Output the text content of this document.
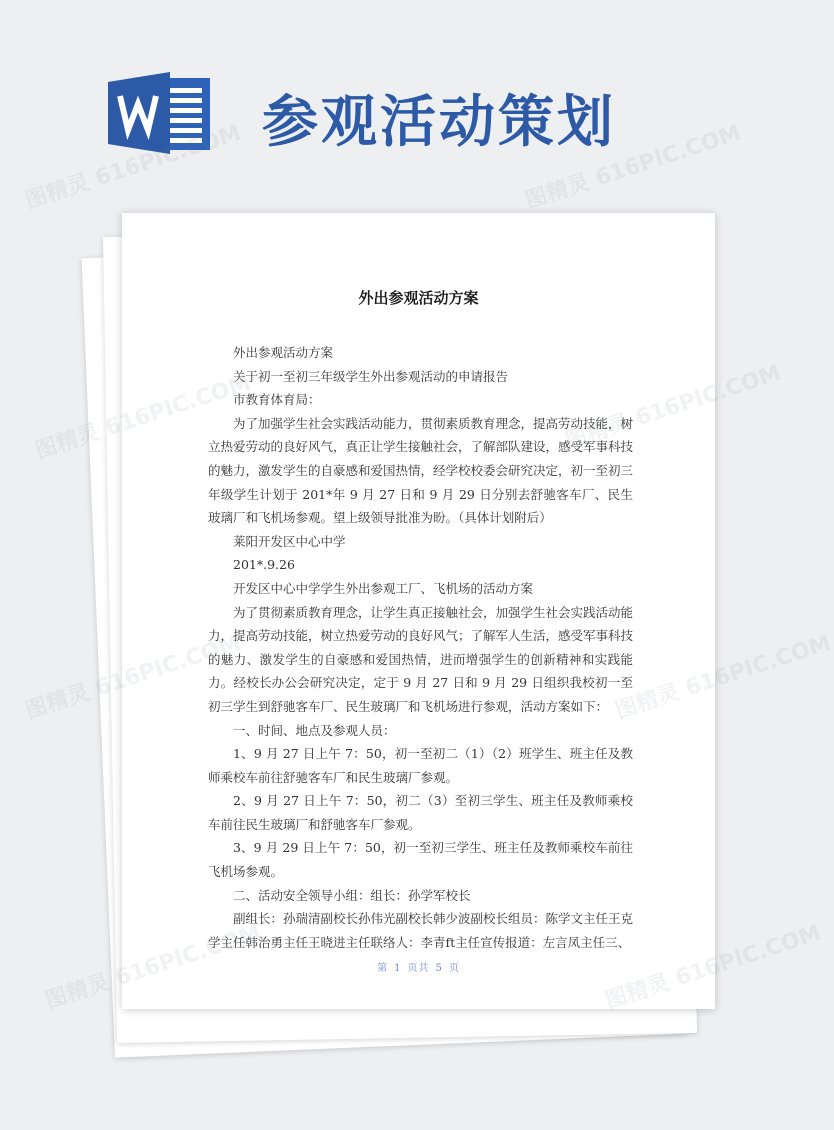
图精灵 616PIC.COM	图精灵 616PIC.COM
图精灵
图精灵 616PIC.COM
图精灵
图精灵
616PIC.COM
参观活动策划
外出参观活动方案

外出参观活动方案

关于初一至初三年级学生外出参观活动的申请报告

市教育体育局：

为了加强学生社会实践活动能力，贯彻素质教育理念，提高劳动技能，树立热爱劳动的良好风气，真正让学生接触社会，了解部队建设，感受军事科技的魅力，激发学生的自豪感和爱国热情，经学校校委会研究决定，初一至初三年级学生计划于 201*年 9 月 27 日和 9 月 29 日分别去舒驰客车厂、民生玻璃厂和飞机场参观。望上级领导批准为盼。（具体计划附后）

莱阳开发区中心中学

201*.9.26

开发区中心中学学生外出参观工厂、飞机场的活动方案

为了贯彻素质教育理念，让学生真正接触社会，加强学生社会实践活动能力，提高劳动技能，树立热爱劳动的良好风气；了解军人生活，感受军事科技的魅力、激发学生的自豪感和爱国热情，进而增强学生的创新精神和实践能力。经校长办公会研究决定，定于 9 月 27 日和 9 月 29 日组织我校初一至初三学生到舒驰客车厂、民生玻璃厂和飞机场进行参观，活动方案如下：

一、时间、地点及参观人员：

1、9 月 27 日上午 7：50，初一至初二（1）（2）班学生、班主任及教师乘校车前往舒驰客车厂和民生玻璃厂参观。

2、9 月 27 日上午 7：50，初二（3）至初三学生、班主任及教师乘校车前往民生玻璃厂和舒驰客车厂参观。

3、9 月 29 日上午 7：50，初一至初三学生、班主任及教师乘校车前往飞机场参观。

二、活动安全领导小组：组长：孙学军校长

副组长：孙瑞清副校长孙伟光副校长韩少波副校长组员：陈学文主任王克学主任韩治勇主任王晓进主任联络人：李青ft主任宣传报道：左言凤主任三、

第 1 页共 5 页
